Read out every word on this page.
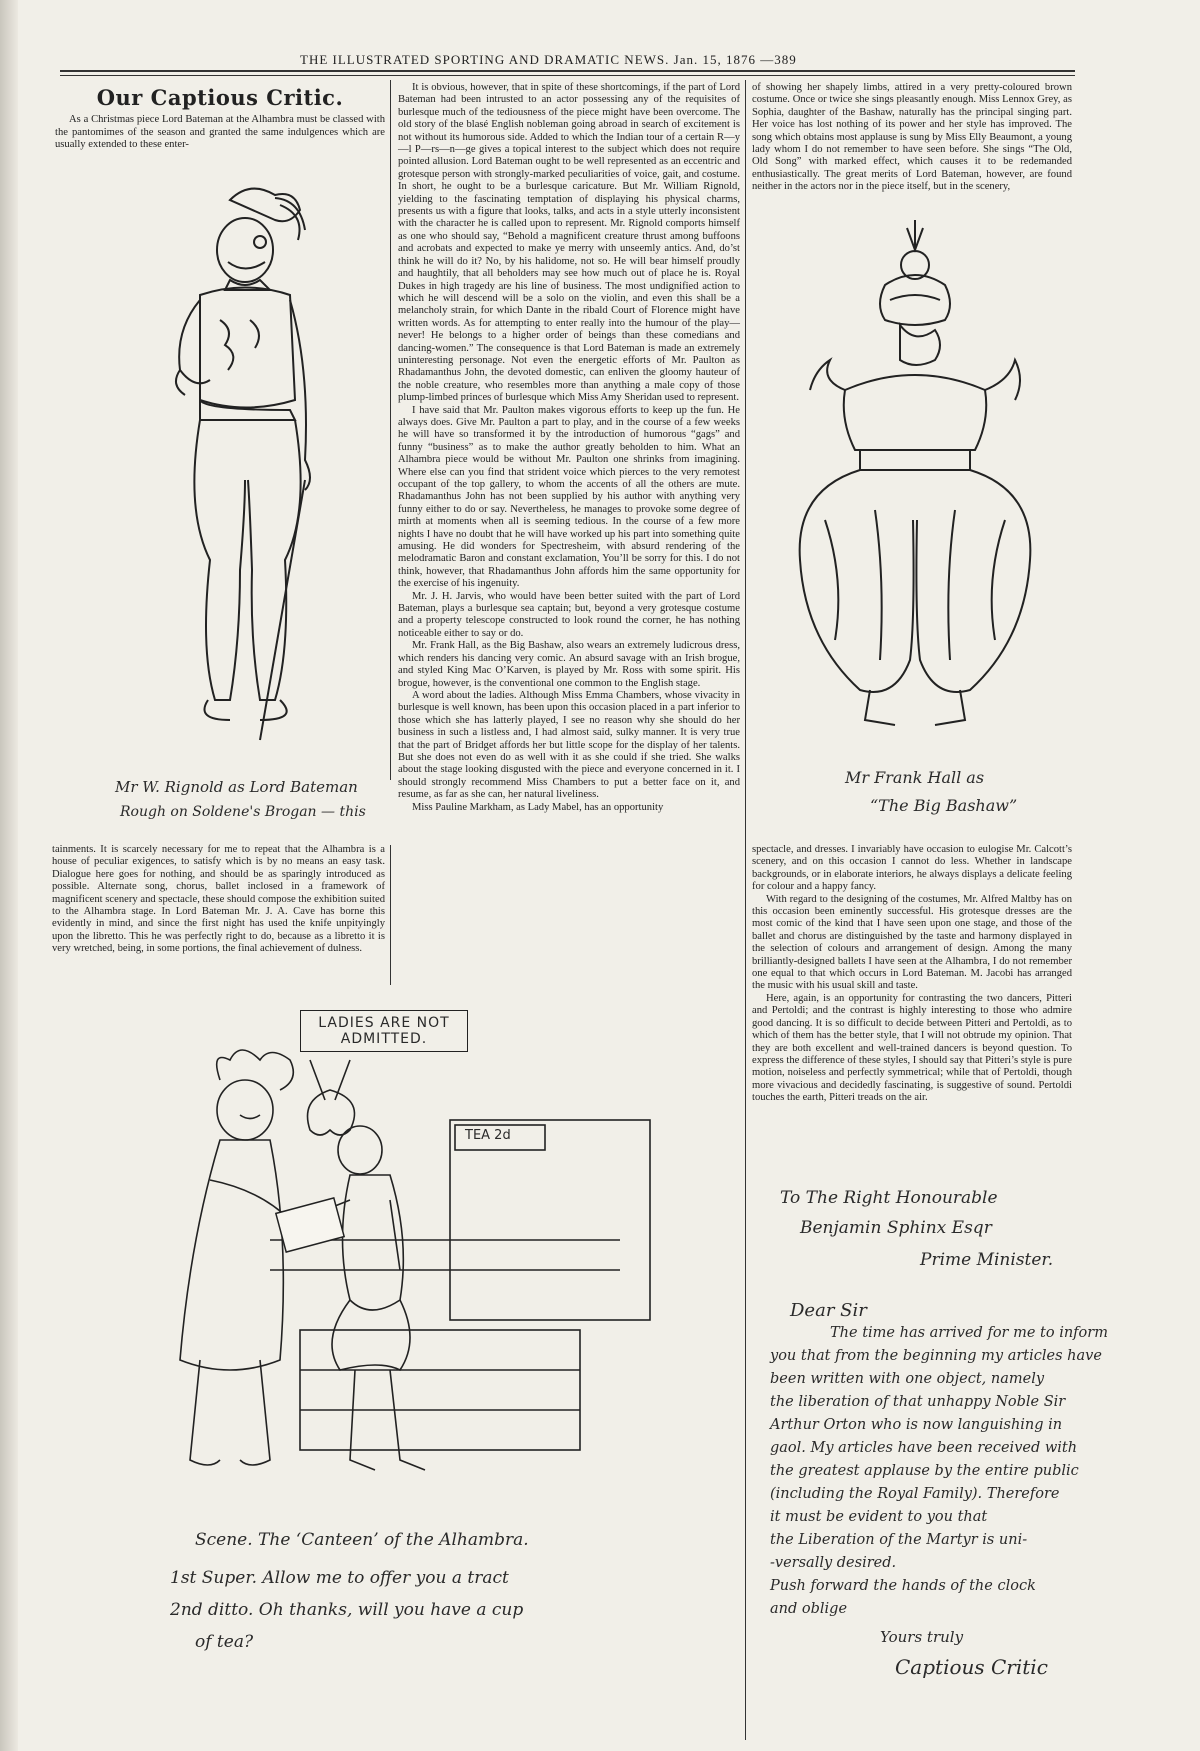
THE ILLUSTRATED SPORTING AND DRAMATIC NEWS. Jan. 15, 1876 —389
Our Captious Critic.

As a Christmas piece Lord Bateman at the Alhambra must be classed with the pantomimes of the season and granted the same indulgences which are usually extended to these enter-

Mr W. Rignold as Lord Bateman
Rough on Soldene's Brogan — this

tainments. It is scarcely necessary for me to repeat that the Alhambra is a house of peculiar exigences, to satisfy which is by no means an easy task. Dialogue here goes for nothing, and should be as sparingly introduced as possible. Alternate song, chorus, ballet inclosed in a framework of magnificent scenery and spectacle, these should compose the exhibition suited to the Alhambra stage. In Lord Bateman Mr. J. A. Cave has borne this evidently in mind, and since the first night has used the knife unpityingly upon the libretto. This he was perfectly right to do, because as a libretto it is very wretched, being, in some portions, the final achievement of dulness.

It is obvious, however, that in spite of these shortcomings, if the part of Lord Bateman had been intrusted to an actor possessing any of the requisites of burlesque much of the tediousness of the piece might have been overcome. The old story of the blasé English nobleman going abroad in search of excitement is not without its humorous side. Added to which the Indian tour of a certain R—y—l P—rs—n—ge gives a topical interest to the subject which does not require pointed allusion. Lord Bateman ought to be well represented as an eccentric and grotesque person with strongly-marked peculiarities of voice, gait, and costume. In short, he ought to be a burlesque caricature. But Mr. William Rignold, yielding to the fascinating temptation of displaying his physical charms, presents us with a figure that looks, talks, and acts in a style utterly inconsistent with the character he is called upon to represent. Mr. Rignold comports himself as one who should say, “Behold a magnificent creature thrust among buffoons and acrobats and expected to make ye merry with unseemly antics. And, do’st think he will do it? No, by his halidome, not so. He will bear himself proudly and haughtily, that all beholders may see how much out of place he is. Royal Dukes in high tragedy are his line of business. The most undignified action to which he will descend will be a solo on the violin, and even this shall be a melancholy strain, for which Dante in the ribald Court of Florence might have written words. As for attempting to enter really into the humour of the play—never! He belongs to a higher order of beings than these comedians and dancing-women.” The consequence is that Lord Bateman is made an extremely uninteresting personage. Not even the energetic efforts of Mr. Paulton as Rhadamanthus John, the devoted domestic, can enliven the gloomy hauteur of the noble creature, who resembles more than anything a male copy of those plump-limbed princes of burlesque which Miss Amy Sheridan used to represent.

I have said that Mr. Paulton makes vigorous efforts to keep up the fun. He always does. Give Mr. Paulton a part to play, and in the course of a few weeks he will have so transformed it by the introduction of humorous “gags” and funny “business” as to make the author greatly beholden to him. What an Alhambra piece would be without Mr. Paulton one shrinks from imagining. Where else can you find that strident voice which pierces to the very remotest occupant of the top gallery, to whom the accents of all the others are mute. Rhadamanthus John has not been supplied by his author with anything very funny either to do or say. Nevertheless, he manages to provoke some degree of mirth at moments when all is seeming tedious. In the course of a few more nights I have no doubt that he will have worked up his part into something quite amusing. He did wonders for Spectresheim, with absurd rendering of the melodramatic Baron and constant exclamation, You’ll be sorry for this. I do not think, however, that Rhadamanthus John affords him the same opportunity for the exercise of his ingenuity.

Mr. J. H. Jarvis, who would have been better suited with the part of Lord Bateman, plays a burlesque sea captain; but, beyond a very grotesque costume and a property telescope constructed to look round the corner, he has nothing noticeable either to say or do.

Mr. Frank Hall, as the Big Bashaw, also wears an extremely ludicrous dress, which renders his dancing very comic. An absurd savage with an Irish brogue, and styled King Mac O’Karven, is played by Mr. Ross with some spirit. His brogue, however, is the conventional one common to the English stage.

A word about the ladies. Although Miss Emma Chambers, whose vivacity in burlesque is well known, has been upon this occasion placed in a part inferior to those which she has latterly played, I see no reason why she should do her business in such a listless and, I had almost said, sulky manner. It is very true that the part of Bridget affords her but little scope for the display of her talents. But she does not even do as well with it as she could if she tried. She walks about the stage looking disgusted with the piece and everyone concerned in it. I should strongly recommend Miss Chambers to put a better face on it, and resume, as far as she can, her natural liveliness.

Miss Pauline Markham, as Lady Mabel, has an opportunity

of showing her shapely limbs, attired in a very pretty-coloured brown costume. Once or twice she sings pleasantly enough. Miss Lennox Grey, as Sophia, daughter of the Bashaw, naturally has the principal singing part. Her voice has lost nothing of its power and her style has improved. The song which obtains most applause is sung by Miss Elly Beaumont, a young lady whom I do not remember to have seen before. She sings “The Old, Old Song” with marked effect, which causes it to be redemanded enthusiastically. The great merits of Lord Bateman, however, are found neither in the actors nor in the piece itself, but in the scenery,

Mr Frank Hall as
“The Big Bashaw”

spectacle, and dresses. I invariably have occasion to eulogise Mr. Calcott’s scenery, and on this occasion I cannot do less. Whether in landscape backgrounds, or in elaborate interiors, he always displays a delicate feeling for colour and a happy fancy.

With regard to the designing of the costumes, Mr. Alfred Maltby has on this occasion been eminently successful. His grotesque dresses are the most comic of the kind that I have seen upon one stage, and those of the ballet and chorus are distinguished by the taste and harmony displayed in the selection of colours and arrangement of design. Among the many brilliantly-designed ballets I have seen at the Alhambra, I do not remember one equal to that which occurs in Lord Bateman. M. Jacobi has arranged the music with his usual skill and taste.

Here, again, is an opportunity for contrasting the two dancers, Pitteri and Pertoldi; and the contrast is highly interesting to those who admire good dancing. It is so difficult to decide between Pitteri and Pertoldi, as to which of them has the better style, that I will not obtrude my opinion. That they are both excellent and well-trained dancers is beyond question. To express the difference of these styles, I should say that Pitteri’s style is pure motion, noiseless and perfectly symmetrical; while that of Pertoldi, though more vivacious and decidedly fascinating, is suggestive of sound. Pertoldi touches the earth, Pitteri treads on the air.

LADIES ARE NOT ADMITTED.
TEA 2d
Scene. The ‘Canteen’ of the Alhambra.
1st Super. Allow me to offer you a tract
2nd ditto. Oh thanks, will you have a cup
of tea?
To The Right Honourable
Benjamin Sphinx Esqr
Prime Minister.
Dear Sir
The time has arrived for me to inform
you that from the beginning my articles have
been written with one object, namely
the liberation of that unhappy Noble Sir
Arthur Orton who is now languishing in
gaol. My articles have been received with
the greatest applause by the entire public
(including the Royal Family). Therefore
it must be evident to you that
the Liberation of the Martyr is uni-
-versally desired.
Push forward the hands of the clock
and oblige
Yours truly
Captious Critic
